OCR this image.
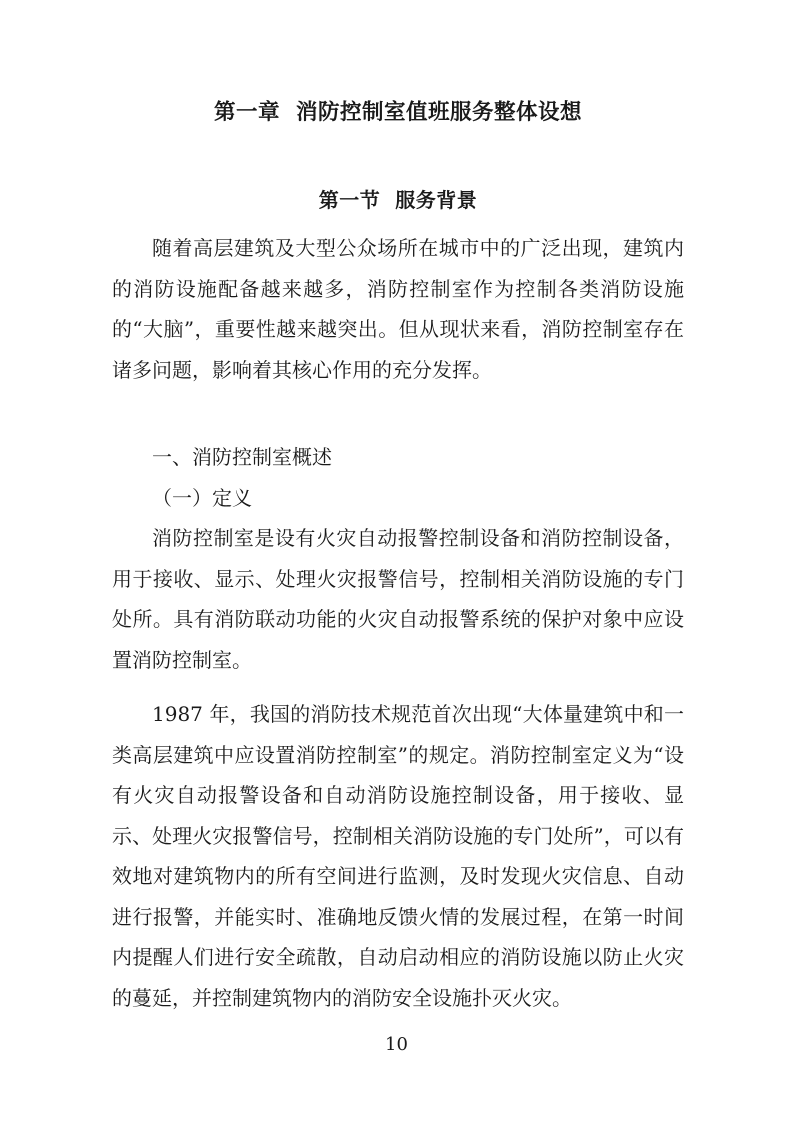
第一章  消防控制室值班服务整体设想
第一节  服务背景

随着高层建筑及大型公众场所在城市中的广泛出现，建筑内的消防设施配备越来越多，消防控制室作为控制各类消防设施的“大脑”，重要性越来越突出。但从现状来看，消防控制室存在诸多问题，影响着其核心作用的充分发挥。

一、消防控制室概述

（一）定义

消防控制室是设有火灾自动报警控制设备和消防控制设备，用于接收、显示、处理火灾报警信号，控制相关消防设施的专门处所。具有消防联动功能的火灾自动报警系统的保护对象中应设置消防控制室。

1987 年，我国的消防技术规范首次出现“大体量建筑中和一类高层建筑中应设置消防控制室”的规定。消防控制室定义为“设有火灾自动报警设备和自动消防设施控制设备，用于接收、显示、处理火灾报警信号，控制相关消防设施的专门处所”，可以有效地对建筑物内的所有空间进行监测，及时发现火灾信息、自动进行报警，并能实时、准确地反馈火情的发展过程，在第一时间内提醒人们进行安全疏散，自动启动相应的消防设施以防止火灾的蔓延，并控制建筑物内的消防安全设施扑灭火灾。

10
